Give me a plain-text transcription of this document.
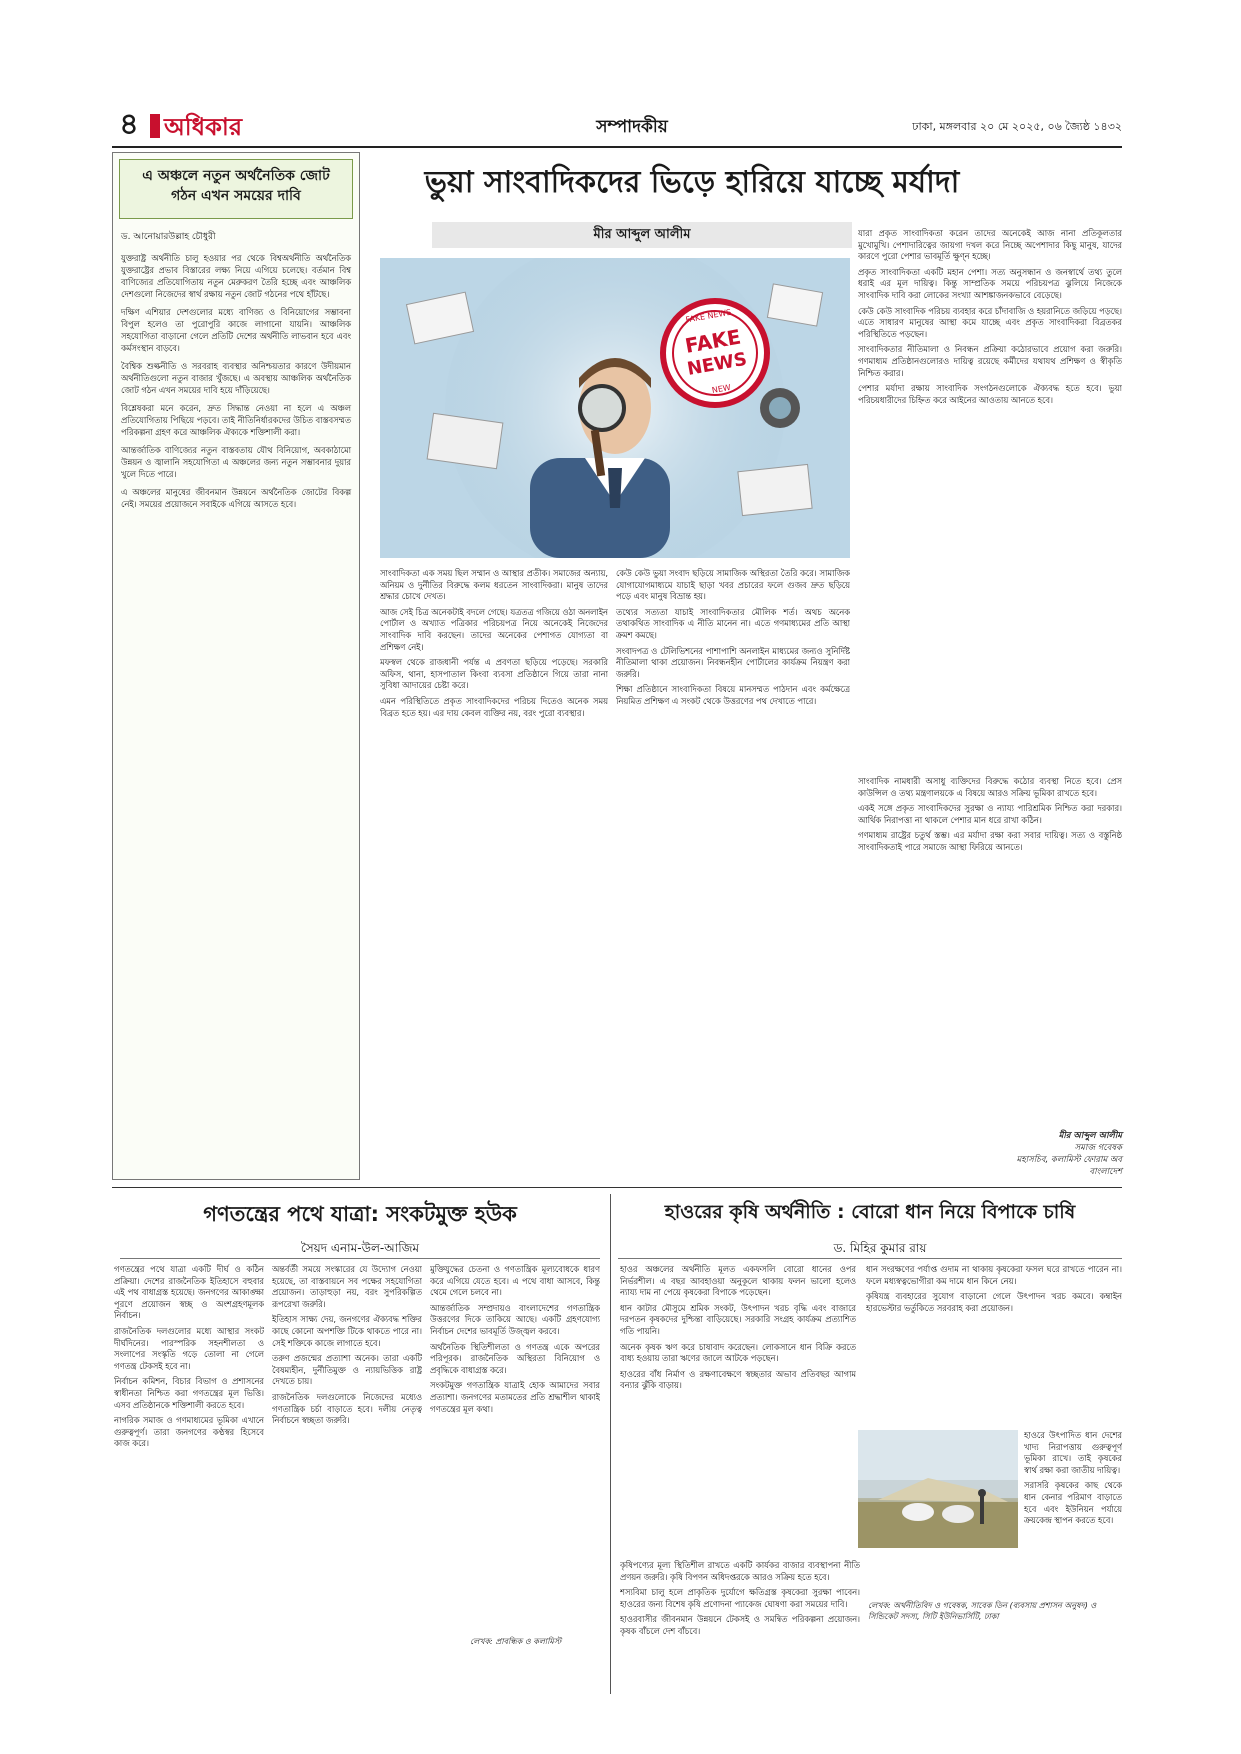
৪	অধিকার	সম্পাদকীয়	ঢাকা, মঙ্গলবার ২০ মে ২০২৫, ০৬ জ্যৈষ্ঠ ১৪৩২
এ অঞ্চলে নতুন অর্থনৈতিক জোট
গঠন এখন সময়ের দাবি
ড. আনোয়ারউল্লাহ চৌধুরী

যুক্তরাষ্ট্র অর্থনীতি চালু হওয়ার পর থেকে বিশ্বঅর্থনীতি অর্থনৈতিক যুক্তরাষ্ট্রের প্রভাব বিস্তারের লক্ষ্য নিয়ে এগিয়ে চলেছে। বর্তমান বিশ্ব বাণিজ্যের প্রতিযোগিতায় নতুন মেরুকরণ তৈরি হচ্ছে এবং আঞ্চলিক দেশগুলো নিজেদের স্বার্থ রক্ষায় নতুন জোট গঠনের পথে হাঁটছে।

দক্ষিণ এশিয়ার দেশগুলোর মধ্যে বাণিজ্য ও বিনিয়োগের সম্ভাবনা বিপুল হলেও তা পুরোপুরি কাজে লাগানো যায়নি। আঞ্চলিক সহযোগিতা বাড়ানো গেলে প্রতিটি দেশের অর্থনীতি লাভবান হবে এবং কর্মসংস্থান বাড়বে।

বৈশ্বিক শুল্কনীতি ও সরবরাহ ব্যবস্থার অনিশ্চয়তার কারণে উদীয়মান অর্থনীতিগুলো নতুন বাজার খুঁজছে। এ অবস্থায় আঞ্চলিক অর্থনৈতিক জোট গঠন এখন সময়ের দাবি হয়ে দাঁড়িয়েছে।

বিশ্লেষকরা মনে করেন, দ্রুত সিদ্ধান্ত নেওয়া না হলে এ অঞ্চল প্রতিযোগিতায় পিছিয়ে পড়বে। তাই নীতিনির্ধারকদের উচিত বাস্তবসম্মত পরিকল্পনা গ্রহণ করে আঞ্চলিক ঐক্যকে শক্তিশালী করা।

আন্তর্জাতিক বাণিজ্যের নতুন বাস্তবতায় যৌথ বিনিয়োগ, অবকাঠামো উন্নয়ন ও জ্বালানি সহযোগিতা এ অঞ্চলের জন্য নতুন সম্ভাবনার দুয়ার খুলে দিতে পারে।

এ অঞ্চলের মানুষের জীবনমান উন্নয়নে অর্থনৈতিক জোটের বিকল্প নেই। সময়ের প্রয়োজনে সবাইকে এগিয়ে আসতে হবে।

ভুয়া সাংবাদিকদের ভিড়ে হারিয়ে যাচ্ছে মর্যাদা
মীর আব্দুল আলীম
FAKE
NEWS
FAKE NEWS
NEW

যারা প্রকৃত সাংবাদিকতা করেন তাদের অনেকেই আজ নানা প্রতিকূলতার মুখোমুখি। পেশাদারিত্বের জায়গা দখল করে নিচ্ছে অপেশাদার কিছু মানুষ, যাদের কারণে পুরো পেশার ভাবমূর্তি ক্ষুণ্ন হচ্ছে।

প্রকৃত সাংবাদিকতা একটি মহান পেশা। সত্য অনুসন্ধান ও জনস্বার্থে তথ্য তুলে ধরাই এর মূল দায়িত্ব। কিন্তু সাম্প্রতিক সময়ে পরিচয়পত্র ঝুলিয়ে নিজেকে সাংবাদিক দাবি করা লোকের সংখ্যা আশঙ্কাজনকভাবে বেড়েছে।

কেউ কেউ সাংবাদিক পরিচয় ব্যবহার করে চাঁদাবাজি ও হয়রানিতে জড়িয়ে পড়ছে। এতে সাধারণ মানুষের আস্থা কমে যাচ্ছে এবং প্রকৃত সাংবাদিকরা বিব্রতকর পরিস্থিতিতে পড়ছেন।

সাংবাদিকতার নীতিমালা ও নিবন্ধন প্রক্রিয়া কঠোরভাবে প্রয়োগ করা জরুরি। গণমাধ্যম প্রতিষ্ঠানগুলোরও দায়িত্ব রয়েছে কর্মীদের যথাযথ প্রশিক্ষণ ও স্বীকৃতি নিশ্চিত করার।

পেশার মর্যাদা রক্ষায় সাংবাদিক সংগঠনগুলোকে ঐক্যবদ্ধ হতে হবে। ভুয়া পরিচয়ধারীদের চিহ্নিত করে আইনের আওতায় আনতে হবে।

সাংবাদিকতা এক সময় ছিল সম্মান ও আস্থার প্রতীক। সমাজের অন্যায়, অনিয়ম ও দুর্নীতির বিরুদ্ধে কলম ধরতেন সাংবাদিকরা। মানুষ তাদের শ্রদ্ধার চোখে দেখত।

আজ সেই চিত্র অনেকটাই বদলে গেছে। যত্রতত্র গজিয়ে ওঠা অনলাইন পোর্টাল ও অখ্যাত পত্রিকার পরিচয়পত্র নিয়ে অনেকেই নিজেদের সাংবাদিক দাবি করছেন। তাদের অনেকের পেশাগত যোগ্যতা বা প্রশিক্ষণ নেই।

মফস্বল থেকে রাজধানী পর্যন্ত এ প্রবণতা ছড়িয়ে পড়েছে। সরকারি অফিস, থানা, হাসপাতাল কিংবা ব্যবসা প্রতিষ্ঠানে গিয়ে তারা নানা সুবিধা আদায়ের চেষ্টা করে।

এমন পরিস্থিতিতে প্রকৃত সাংবাদিকদের পরিচয় দিতেও অনেক সময় বিব্রত হতে হয়। এর দায় কেবল ব্যক্তির নয়, বরং পুরো ব্যবস্থার।

কেউ কেউ ভুয়া সংবাদ ছড়িয়ে সামাজিক অস্থিরতা তৈরি করে। সামাজিক যোগাযোগমাধ্যমে যাচাই ছাড়া খবর প্রচারের ফলে গুজব দ্রুত ছড়িয়ে পড়ে এবং মানুষ বিভ্রান্ত হয়।

তথ্যের সত্যতা যাচাই সাংবাদিকতার মৌলিক শর্ত। অথচ অনেক তথাকথিত সাংবাদিক এ নীতি মানেন না। এতে গণমাধ্যমের প্রতি আস্থা ক্রমশ কমছে।

সংবাদপত্র ও টেলিভিশনের পাশাপাশি অনলাইন মাধ্যমের জন্যও সুনির্দিষ্ট নীতিমালা থাকা প্রয়োজন। নিবন্ধনহীন পোর্টালের কার্যক্রম নিয়ন্ত্রণ করা জরুরি।

শিক্ষা প্রতিষ্ঠানে সাংবাদিকতা বিষয়ে মানসম্মত পাঠদান এবং কর্মক্ষেত্রে নিয়মিত প্রশিক্ষণ এ সংকট থেকে উত্তরণের পথ দেখাতে পারে।

সাংবাদিক নামধারী অসাধু ব্যক্তিদের বিরুদ্ধে কঠোর ব্যবস্থা নিতে হবে। প্রেস কাউন্সিল ও তথ্য মন্ত্রণালয়কে এ বিষয়ে আরও সক্রিয় ভূমিকা রাখতে হবে।

একই সঙ্গে প্রকৃত সাংবাদিকদের সুরক্ষা ও ন্যায্য পারিশ্রমিক নিশ্চিত করা দরকার। আর্থিক নিরাপত্তা না থাকলে পেশার মান ধরে রাখা কঠিন।

গণমাধ্যম রাষ্ট্রের চতুর্থ স্তম্ভ। এর মর্যাদা রক্ষা করা সবার দায়িত্ব। সত্য ও বস্তুনিষ্ঠ সাংবাদিকতাই পারে সমাজে আস্থা ফিরিয়ে আনতে।

মীর আব্দুল আলীম
সমাজ গবেষক
মহাসচিব, কলামিস্ট ফোরাম অব বাংলাদেশ
গণতন্ত্রের পথে যাত্রা: সংকটমুক্ত হউক
সৈয়দ এনাম-উল-আজিম

গণতন্ত্রের পথে যাত্রা একটি দীর্ঘ ও কঠিন প্রক্রিয়া। দেশের রাজনৈতিক ইতিহাসে বহুবার এই পথ বাধাগ্রস্ত হয়েছে। জনগণের আকাঙ্ক্ষা পূরণে প্রয়োজন স্বচ্ছ ও অংশগ্রহণমূলক নির্বাচন।

রাজনৈতিক দলগুলোর মধ্যে আস্থার সংকট দীর্ঘদিনের। পারস্পরিক সহনশীলতা ও সংলাপের সংস্কৃতি গড়ে তোলা না গেলে গণতন্ত্র টেকসই হবে না।

নির্বাচন কমিশন, বিচার বিভাগ ও প্রশাসনের স্বাধীনতা নিশ্চিত করা গণতন্ত্রের মূল ভিত্তি। এসব প্রতিষ্ঠানকে শক্তিশালী করতে হবে।

নাগরিক সমাজ ও গণমাধ্যমের ভূমিকা এখানে গুরুত্বপূর্ণ। তারা জনগণের কণ্ঠস্বর হিসেবে কাজ করে।

অন্তর্বর্তী সময়ে সংস্কারের যে উদ্যোগ নেওয়া হয়েছে, তা বাস্তবায়নে সব পক্ষের সহযোগিতা প্রয়োজন। তাড়াহুড়া নয়, বরং সুপরিকল্পিত রূপরেখা জরুরি।

ইতিহাস সাক্ষ্য দেয়, জনগণের ঐক্যবদ্ধ শক্তির কাছে কোনো অপশক্তি টিকে থাকতে পারে না। সেই শক্তিকে কাজে লাগাতে হবে।

তরুণ প্রজন্মের প্রত্যাশা অনেক। তারা একটি বৈষম্যহীন, দুর্নীতিমুক্ত ও ন্যায়ভিত্তিক রাষ্ট্র দেখতে চায়।

রাজনৈতিক দলগুলোকে নিজেদের মধ্যেও গণতান্ত্রিক চর্চা বাড়াতে হবে। দলীয় নেতৃত্ব নির্বাচনে স্বচ্ছতা জরুরি।

মুক্তিযুদ্ধের চেতনা ও গণতান্ত্রিক মূল্যবোধকে ধারণ করে এগিয়ে যেতে হবে। এ পথে বাধা আসবে, কিন্তু থেমে গেলে চলবে না।

আন্তর্জাতিক সম্প্রদায়ও বাংলাদেশের গণতান্ত্রিক উত্তরণের দিকে তাকিয়ে আছে। একটি গ্রহণযোগ্য নির্বাচন দেশের ভাবমূর্তি উজ্জ্বল করবে।

অর্থনৈতিক স্থিতিশীলতা ও গণতন্ত্র একে অপরের পরিপূরক। রাজনৈতিক অস্থিরতা বিনিয়োগ ও প্রবৃদ্ধিকে বাধাগ্রস্ত করে।

সংকটমুক্ত গণতান্ত্রিক যাত্রাই হোক আমাদের সবার প্রত্যাশা। জনগণের মতামতের প্রতি শ্রদ্ধাশীল থাকাই গণতন্ত্রের মূল কথা।

লেখক: প্রাবন্ধিক ও কলামিস্ট
হাওরের কৃষি অর্থনীতি : বোরো ধান নিয়ে বিপাকে চাষি
ড. মিহির কুমার রায়

হাওর অঞ্চলের অর্থনীতি মূলত একফসলি বোরো ধানের ওপর নির্ভরশীল। এ বছর আবহাওয়া অনুকূলে থাকায় ফলন ভালো হলেও ন্যায্য দাম না পেয়ে কৃষকেরা বিপাকে পড়েছেন।

ধান কাটার মৌসুমে শ্রমিক সংকট, উৎপাদন খরচ বৃদ্ধি এবং বাজারে দরপতন কৃষকদের দুশ্চিন্তা বাড়িয়েছে। সরকারি সংগ্রহ কার্যক্রম প্রত্যাশিত গতি পায়নি।

অনেক কৃষক ঋণ করে চাষাবাদ করেছেন। লোকসানে ধান বিক্রি করতে বাধ্য হওয়ায় তারা ঋণের জালে আটকে পড়ছেন।

হাওরের বাঁধ নির্মাণ ও রক্ষণাবেক্ষণে স্বচ্ছতার অভাব প্রতিবছর আগাম বন্যার ঝুঁকি বাড়ায়।

ধান সংরক্ষণের পর্যাপ্ত গুদাম না থাকায় কৃষকেরা ফসল ঘরে রাখতে পারেন না। ফলে মধ্যস্বত্বভোগীরা কম দামে ধান কিনে নেয়।

কৃষিযন্ত্র ব্যবহারের সুযোগ বাড়ানো গেলে উৎপাদন খরচ কমবে। কম্বাইন হারভেস্টার ভর্তুকিতে সরবরাহ করা প্রয়োজন।

হাওরে উৎপাদিত ধান দেশের খাদ্য নিরাপত্তায় গুরুত্বপূর্ণ ভূমিকা রাখে। তাই কৃষকের স্বার্থ রক্ষা করা জাতীয় দায়িত্ব।

সরাসরি কৃষকের কাছ থেকে ধান কেনার পরিমাণ বাড়াতে হবে এবং ইউনিয়ন পর্যায়ে ক্রয়কেন্দ্র স্থাপন করতে হবে।

কৃষিপণ্যের মূল্য স্থিতিশীল রাখতে একটি কার্যকর বাজার ব্যবস্থাপনা নীতি প্রণয়ন জরুরি। কৃষি বিপণন অধিদপ্তরকে আরও সক্রিয় হতে হবে।

শস্যবিমা চালু হলে প্রাকৃতিক দুর্যোগে ক্ষতিগ্রস্ত কৃষকেরা সুরক্ষা পাবেন। হাওরের জন্য বিশেষ কৃষি প্রণোদনা প্যাকেজ ঘোষণা করা সময়ের দাবি।

হাওরবাসীর জীবনমান উন্নয়নে টেকসই ও সমন্বিত পরিকল্পনা প্রয়োজন। কৃষক বাঁচলে দেশ বাঁচবে।

লেখক: অর্থনীতিবিদ ও গবেষক, সাবেক ডিন (ব্যবসায় প্রশাসন অনুষদ) ও সিন্ডিকেট সদস্য, সিটি ইউনিভার্সিটি, ঢাকা
